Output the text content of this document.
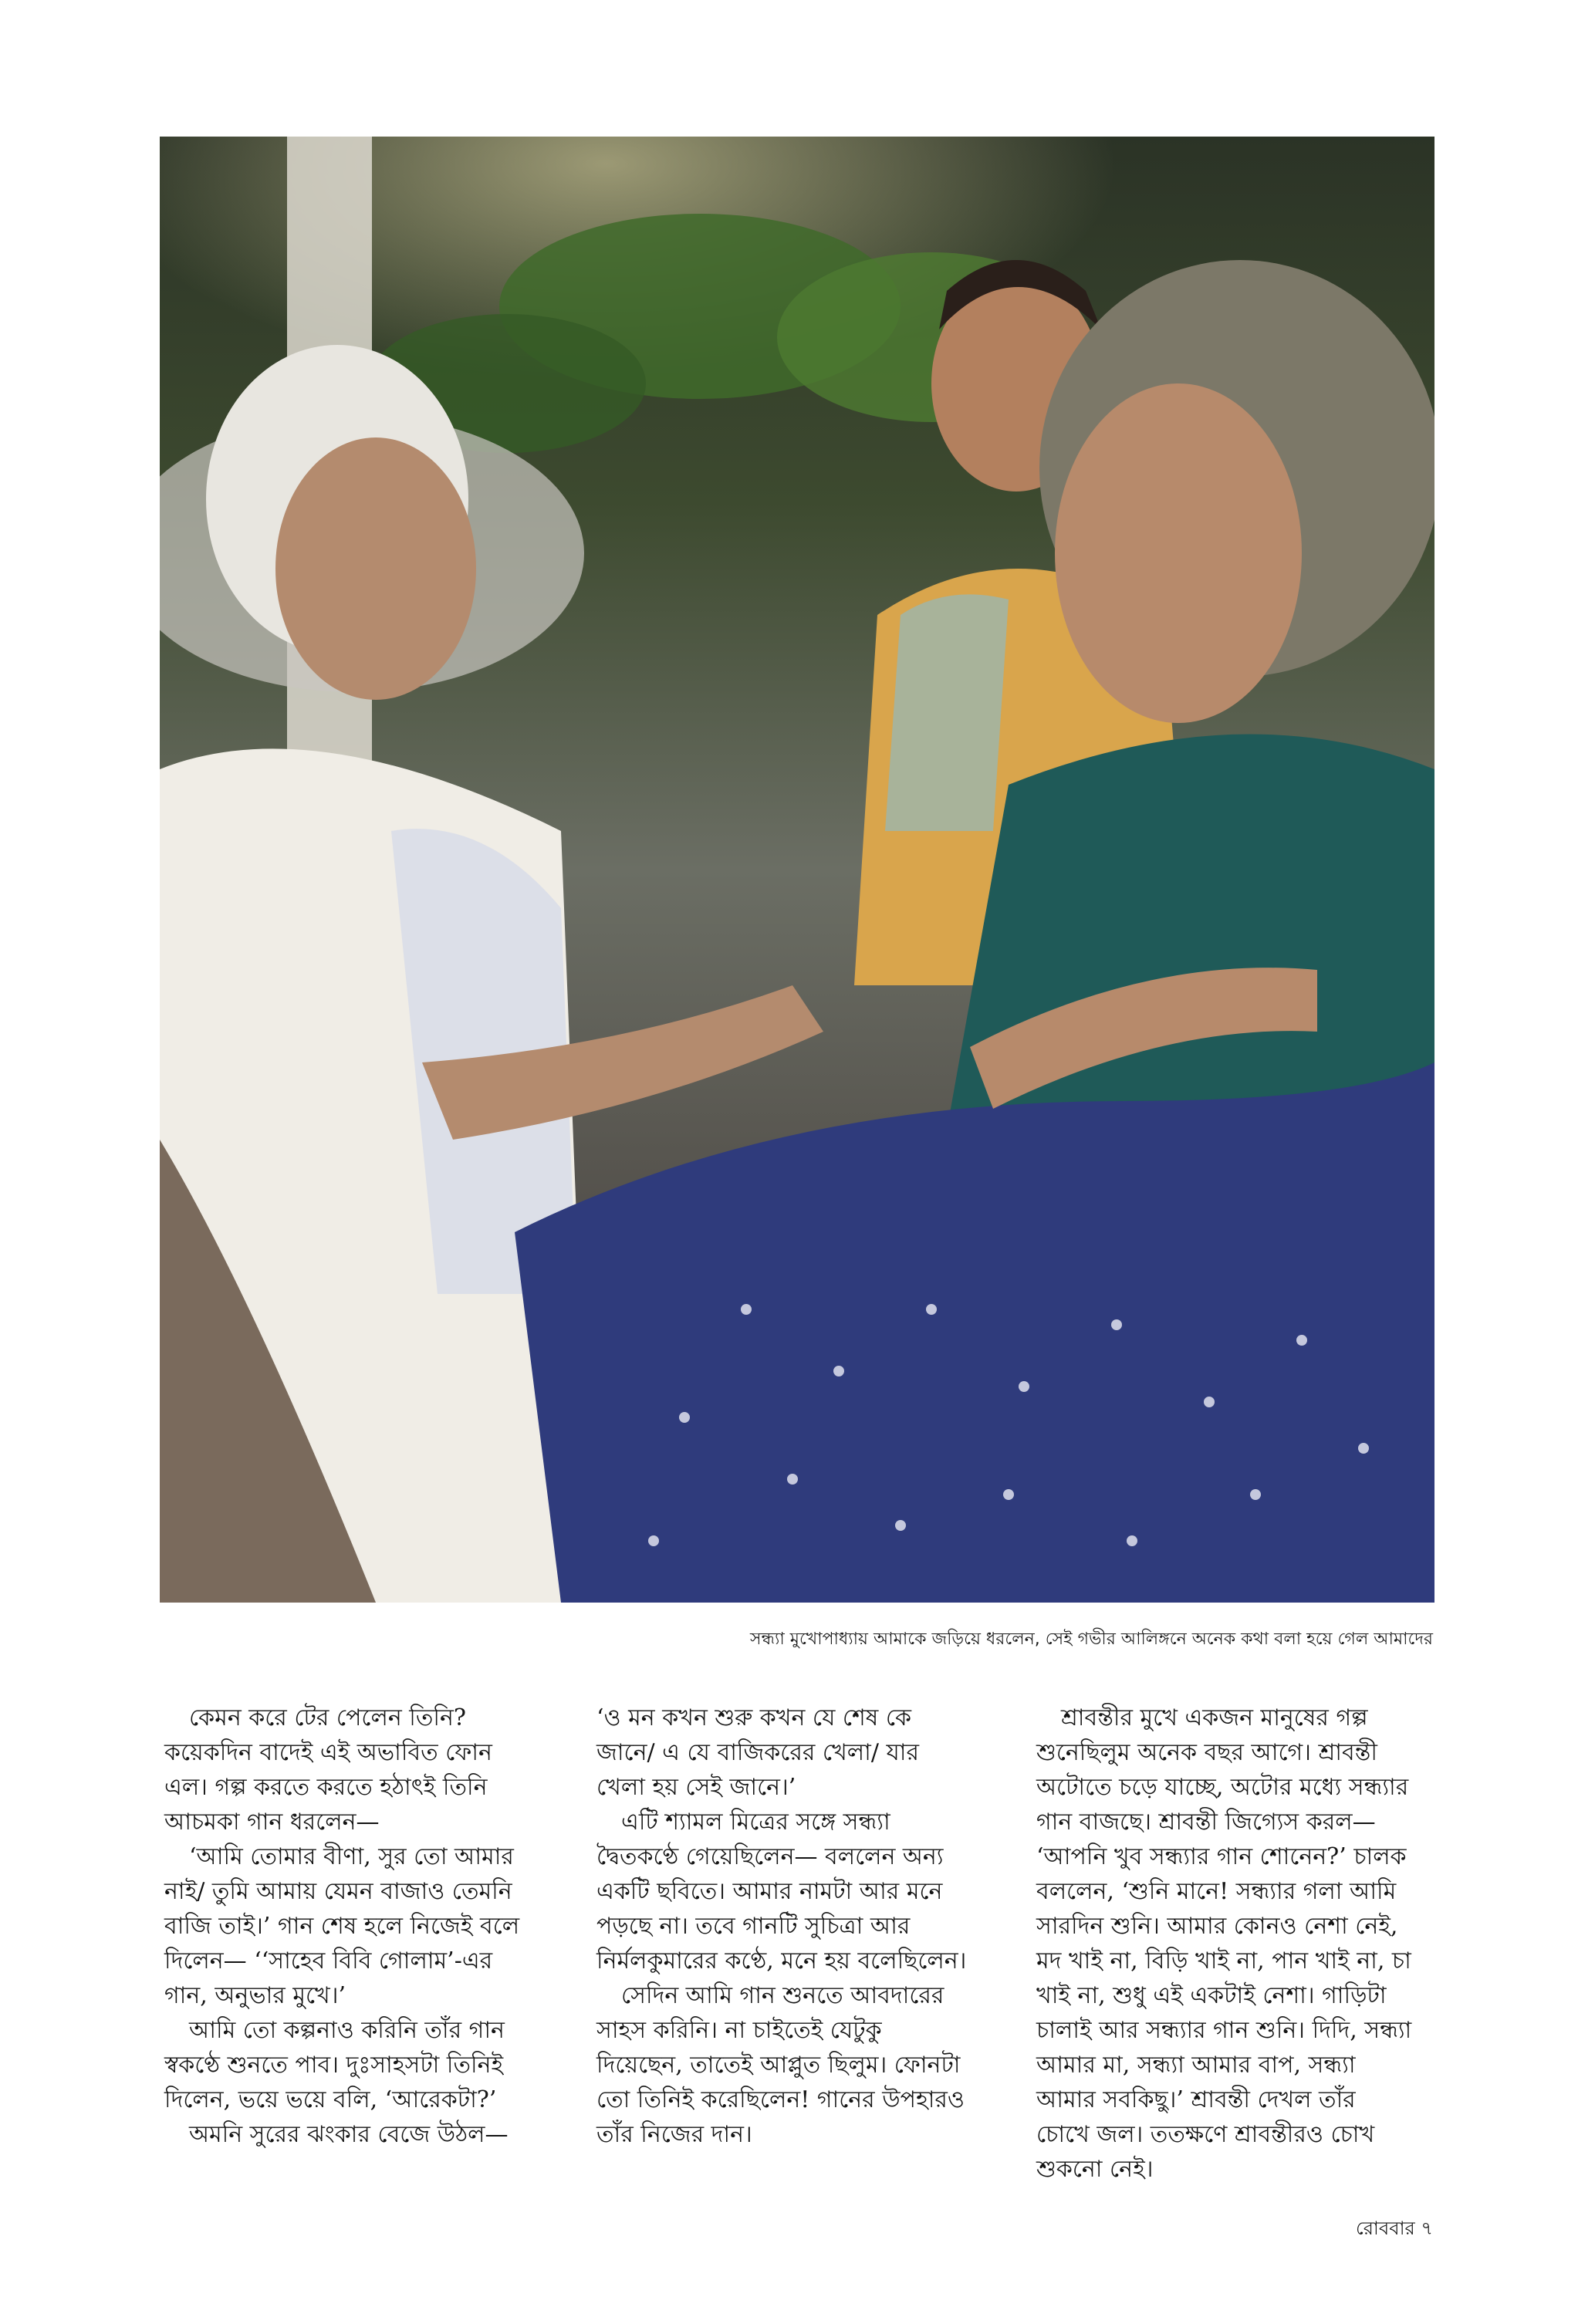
সন্ধ্যা মুখোপাধ্যায় আমাকে জড়িয়ে ধরলেন, সেই গভীর আলিঙ্গনে অনেক কথা বলা হয়ে গেল আমাদের

কেমন করে টের পেলেন তিনি? কয়েকদিন বাদেই এই অভাবিত ফোন এল। গল্প করতে করতে হঠাৎই তিনি আচমকা গান ধরলেন—

‘আমি তোমার বীণা, সুর তো আমার নাই/ তুমি আমায় যেমন বাজাও তেমনি বাজি তাই।’ গান শেষ হলে নিজেই বলে দিলেন— ‘‘সাহেব বিবি গোলাম’-এর গান, অনুভার মুখে।’

আমি তো কল্পনাও করিনি তাঁর গান স্বকণ্ঠে শুনতে পাব। দুঃসাহসটা তিনিই দিলেন, ভয়ে ভয়ে বলি, ‘আরেকটা?’

অমনি সুরের ঝংকার বেজে উঠল—

‘ও মন কখন শুরু কখন যে শেষ কে জানে/ এ যে বাজিকরের খেলা/ যার খেলা হয় সেই জানে।’

এটি শ্যামল মিত্রের সঙ্গে সন্ধ্যা দ্বৈতকণ্ঠে গেয়েছিলেন— বললেন অন্য একটি ছবিতে। আমার নামটা আর মনে পড়ছে না। তবে গানটি সুচিত্রা আর নির্মলকুমারের কণ্ঠে, মনে হয় বলেছিলেন।

সেদিন আমি গান শুনতে আবদারের সাহস করিনি। না চাইতেই যেটুকু দিয়েছেন, তাতেই আপ্লুত ছিলুম। ফোনটা তো তিনিই করেছিলেন! গানের উপহারও তাঁর নিজের দান।

শ্রাবন্তীর মুখে একজন মানুষের গল্প শুনেছিলুম অনেক বছর আগে। শ্রাবন্তী অটোতে চড়ে যাচ্ছে, অটোর মধ্যে সন্ধ্যার গান বাজছে। শ্রাবন্তী জিগ্যেস করল— ‘আপনি খুব সন্ধ্যার গান শোনেন?’ চালক বললেন, ‘শুনি মানে! সন্ধ্যার গলা আমি সারদিন শুনি। আমার কোনও নেশা নেই, মদ খাই না, বিড়ি খাই না, পান খাই না, চা খাই না, শুধু এই একটাই নেশা। গাড়িটা চালাই আর সন্ধ্যার গান শুনি। দিদি, সন্ধ্যা আমার মা, সন্ধ্যা আমার বাপ, সন্ধ্যা আমার সবকিছু।’ শ্রাবন্তী দেখল তাঁর চোখে জল। ততক্ষণে শ্রাবন্তীরও চোখ শুকনো নেই।

রোববার ৭
